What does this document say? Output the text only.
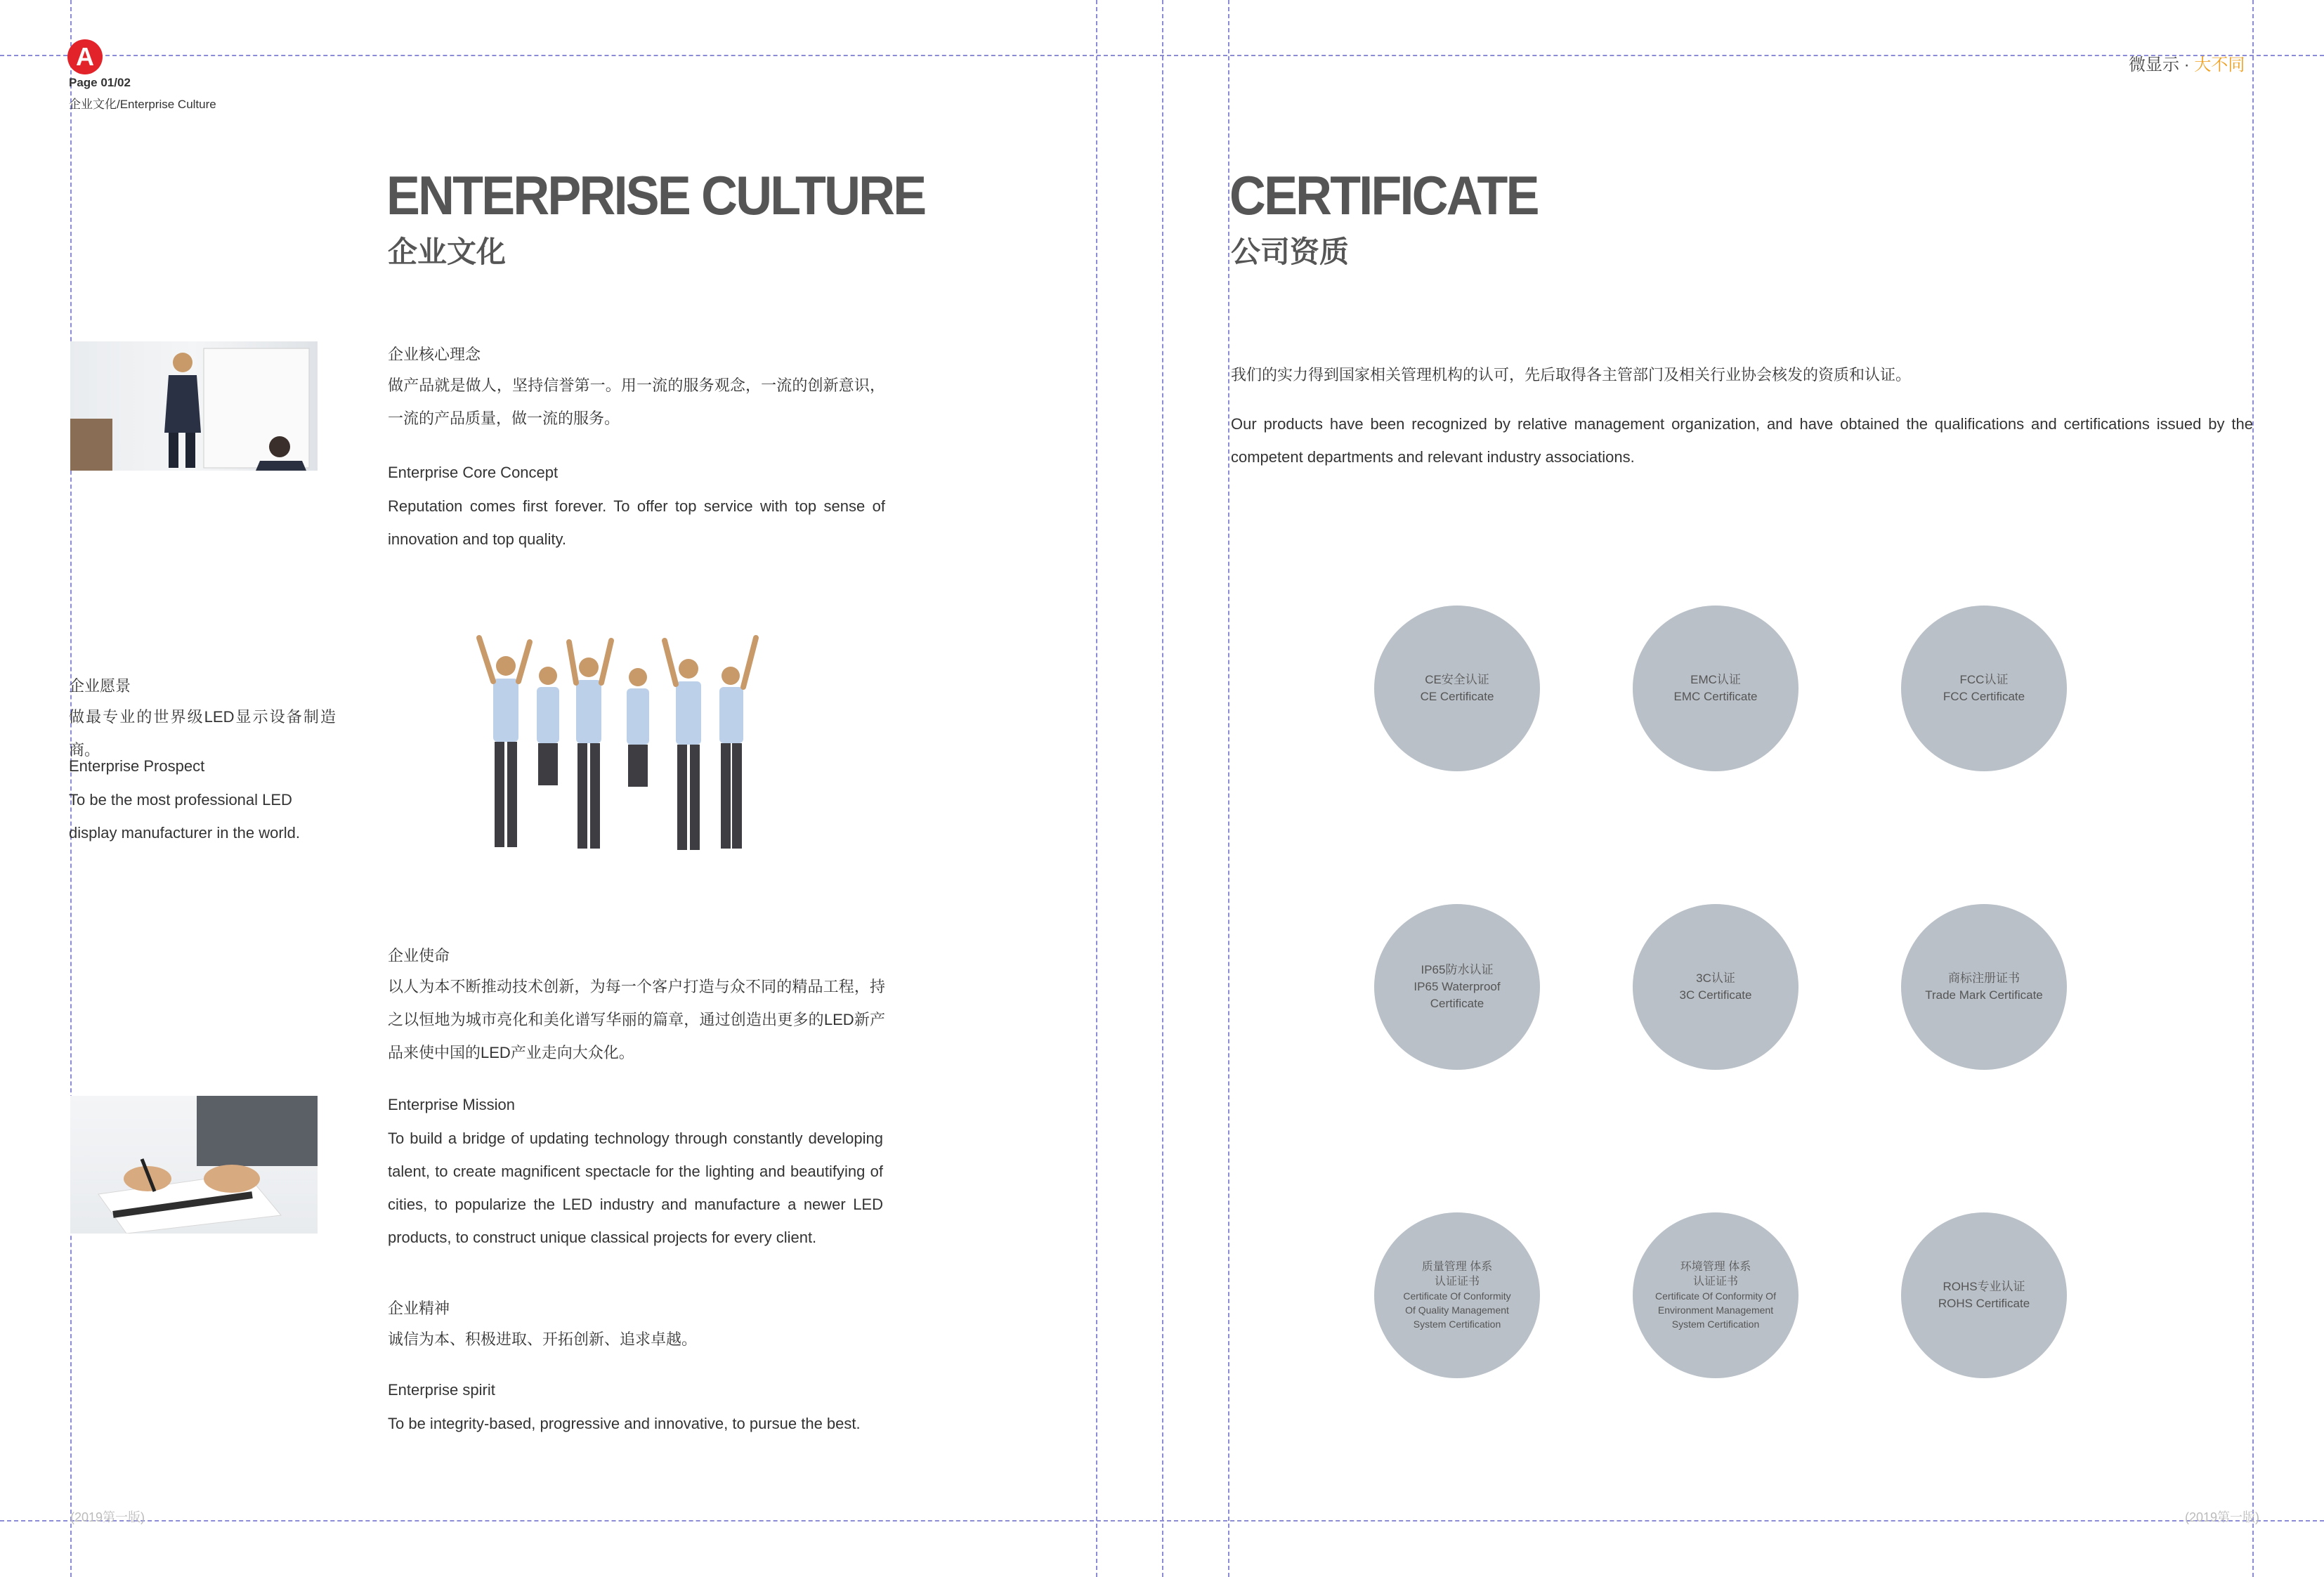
A
Page 01/02
企业文化/Enterprise Culture
微显示 · 大不同
ENTERPRISE CULTURE
企业文化
企业核心理念
做产品就是做人，坚持信誉第一。用一流的服务观念，一流的创新意识，一流的产品质量，做一流的服务。
Enterprise Core Concept
Reputation comes first forever. To offer top service with top sense of innovation and top quality.
企业愿景
做最专业的世界级LED显示设备制造商。
Enterprise Prospect
To be the most professional LED display manufacturer in the world.
企业使命
以人为本不断推动技术创新，为每一个客户打造与众不同的精品工程，持之以恒地为城市亮化和美化谱写华丽的篇章，通过创造出更多的LED新产品来使中国的LED产业走向大众化。
Enterprise Mission
To build a bridge of updating technology through constantly developing talent, to create magnificent spectacle for the lighting and beautifying of cities, to popularize the LED industry and manufacture a newer LED products, to construct unique classical projects for every client.
企业精神
诚信为本、积极进取、开拓创新、追求卓越。
Enterprise spirit
To be integrity-based, progressive and innovative, to pursue the best.
(2019第一版)
CERTIFICATE
公司资质
我们的实力得到国家相关管理机构的认可，先后取得各主管部门及相关行业协会核发的资质和认证。
Our products have been recognized by relative management organization, and have obtained the qualifications and certifications issued by the competent departments and relevant industry associations.
CE安全认证
CE Certificate
EMC认证
EMC Certificate
FCC认证
FCC Certificate
IP65防水认证
IP65 Waterproof Certificate
3C认证
3C Certificate
商标注册证书
Trade Mark Certificate
质量管理 体系认证证书
Certificate Of Conformity Of Quality Management System Certification
环境管理 体系认证证书
Certificate Of Conformity Of Environment Management System Certification
ROHS专业认证
ROHS Certificate
(2019第一版)
